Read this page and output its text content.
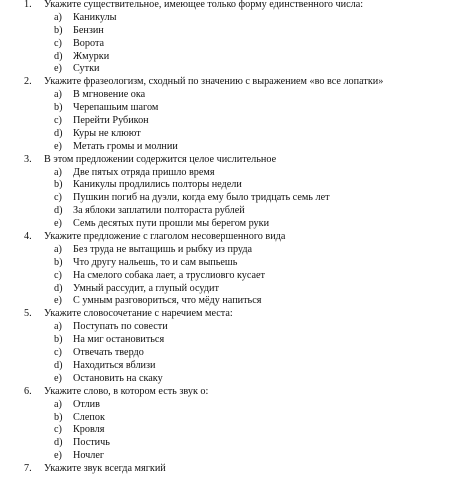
1. Укажите существительное, имеющее только форму единственного числа:
a) Каникулы
b) Бензин
c) Ворота
d) Жмурки
e) Сутки
2. Укажите фразеологизм, сходный по значению с выражением «во все лопатки»
a) В мгновение ока
b) Черепашьим шагом
c) Перейти Рубикон
d) Куры не клюют
e) Метать громы и молнии
3. В этом предложении содержится целое числительное
a) Две пятых отряда пришло время
b) Каникулы продлились полторы недели
c) Пушкин погиб на дуэли, когда ему было тридцать семь лет
d) За яблоки заплатили полтораста рублей
e) Семь десятых пути прошли мы берегом руки
4. Укажите предложение с глаголом несовершенного вида
a) Без труда не вытащишь и рыбку из пруда
b) Что другу нальешь, то и сам выпьешь
c) На смелого собака лает, а труслиовго кусает
d) Умный рассудит, а глупый осудит
e) С умным разговориться, что мёду напиться
5. Укажите словосочетание с наречием места:
a) Поступать по совести
b) На миг остановиться
c) Отвечать твердо
d) Находиться вблизи
e) Остановить на скаку
6. Укажите слово, в котором есть звук о:
a) Отлив
b) Слепок
c) Кровля
d) Постичь
e) Ночлег
7. Укажите звук всегда мягкий
